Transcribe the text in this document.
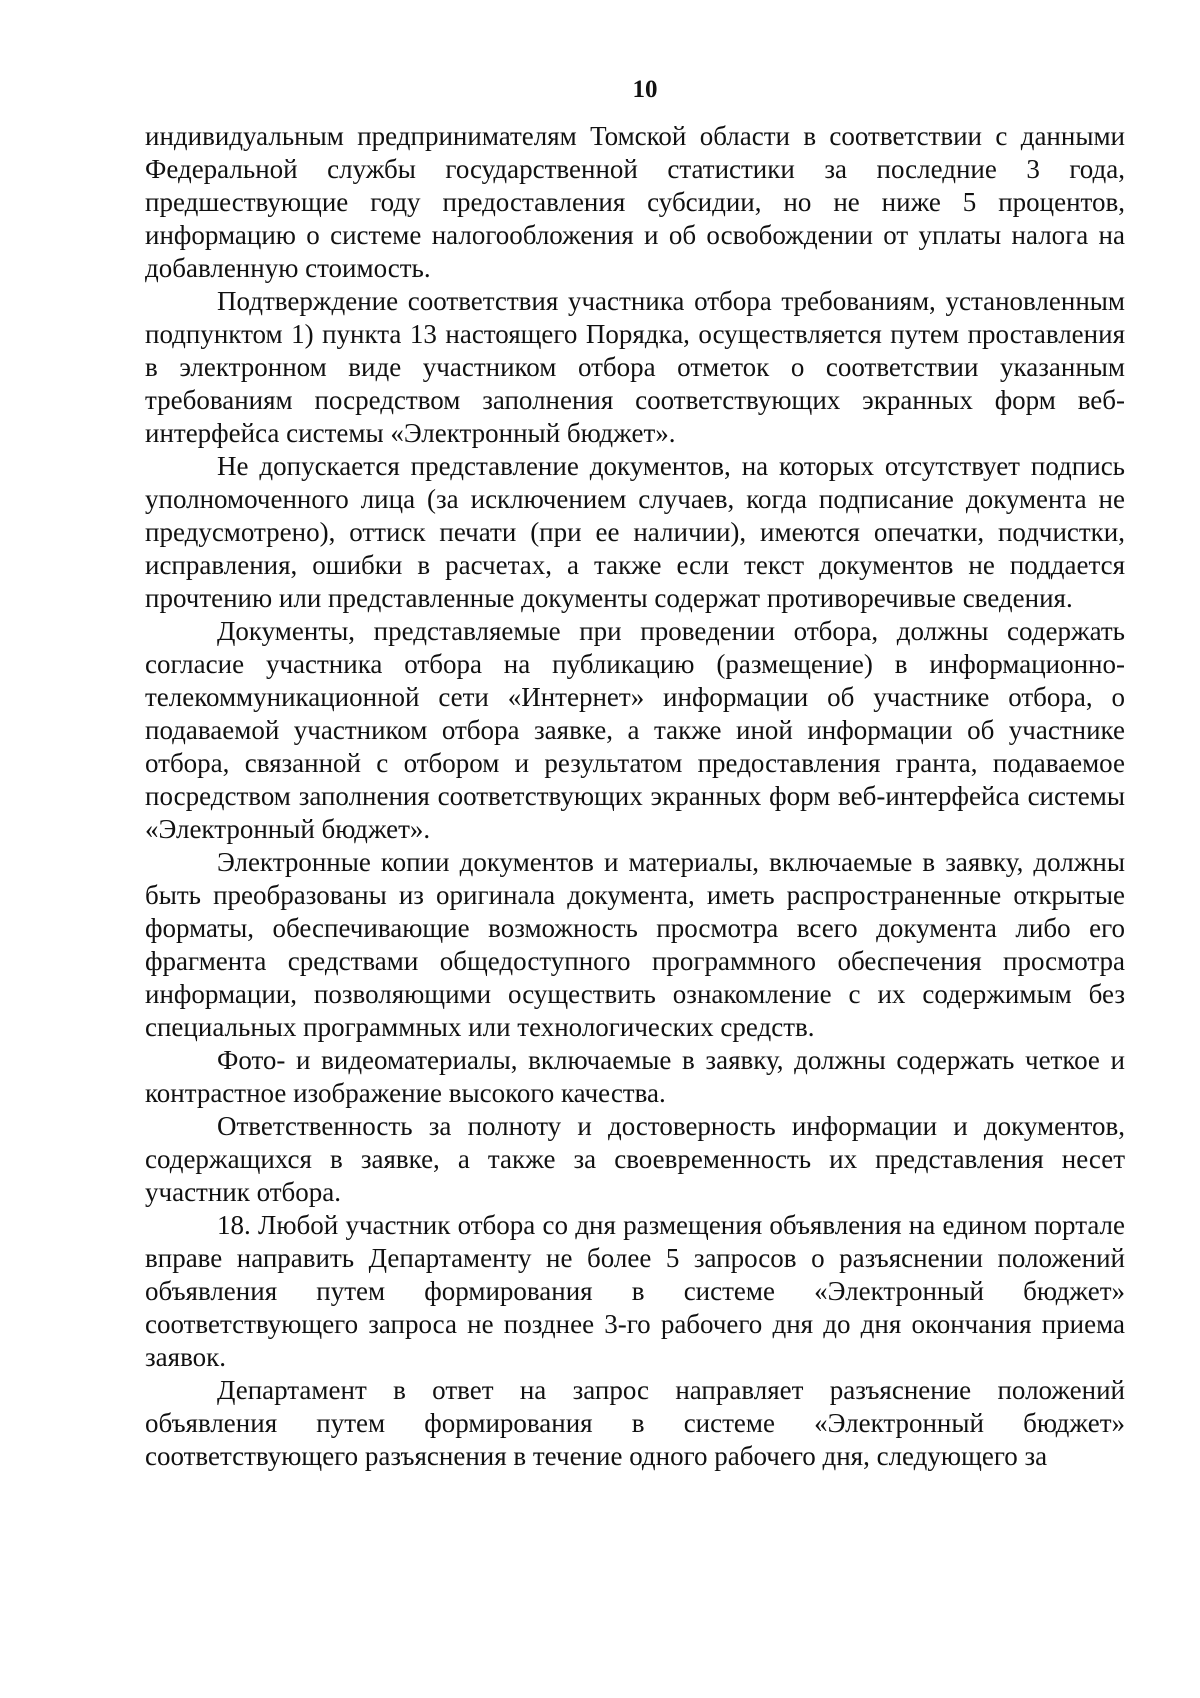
10

индивидуальным предпринимателям Томской области в соответствии с данными Федеральной службы государственной статистики за последние 3 года, предшествующие году предоставления субсидии, но не ниже 5 процентов, информацию о системе налогообложения и об освобождении от уплаты налога на добавленную стоимость.

Подтверждение соответствия участника отбора требованиям, установленным подпунктом 1) пункта 13 настоящего Порядка, осуществляется путем проставления в электронном виде участником отбора отметок о соответствии указанным требованиям посредством заполнения соответствующих экранных форм веб-интерфейса системы «Электронный бюджет».

Не допускается представление документов, на которых отсутствует подпись уполномоченного лица (за исключением случаев, когда подписание документа не предусмотрено), оттиск печати (при ее наличии), имеются опечатки, подчистки, исправления, ошибки в расчетах, а также если текст документов не поддается прочтению или представленные документы содержат противоречивые сведения.

Документы, представляемые при проведении отбора, должны содержать согласие участника отбора на публикацию (размещение) в информационно-телекоммуникационной сети «Интернет» информации об участнике отбора, о подаваемой участником отбора заявке, а также иной информации об участнике отбора, связанной с отбором и результатом предоставления гранта, подаваемое посредством заполнения соответствующих экранных форм веб-интерфейса системы «Электронный бюджет».

Электронные копии документов и материалы, включаемые в заявку, должны быть преобразованы из оригинала документа, иметь распространенные открытые форматы, обеспечивающие возможность просмотра всего документа либо его фрагмента средствами общедоступного программного обеспечения просмотра информации, позволяющими осуществить ознакомление с их содержимым без специальных программных или технологических средств.

Фото- и видеоматериалы, включаемые в заявку, должны содержать четкое и контрастное изображение высокого качества.

Ответственность за полноту и достоверность информации и документов, содержащихся в заявке, а также за своевременность их представления несет участник отбора.

18. Любой участник отбора со дня размещения объявления на едином портале вправе направить Департаменту не более 5 запросов о разъяснении положений объявления путем формирования в системе «Электронный бюджет» соответствующего запроса не позднее 3-го рабочего дня до дня окончания приема заявок.

Департамент в ответ на запрос направляет разъяснение положений объявления путем формирования в системе «Электронный бюджет» соответствующего разъяснения в течение одного рабочего дня, следующего за
